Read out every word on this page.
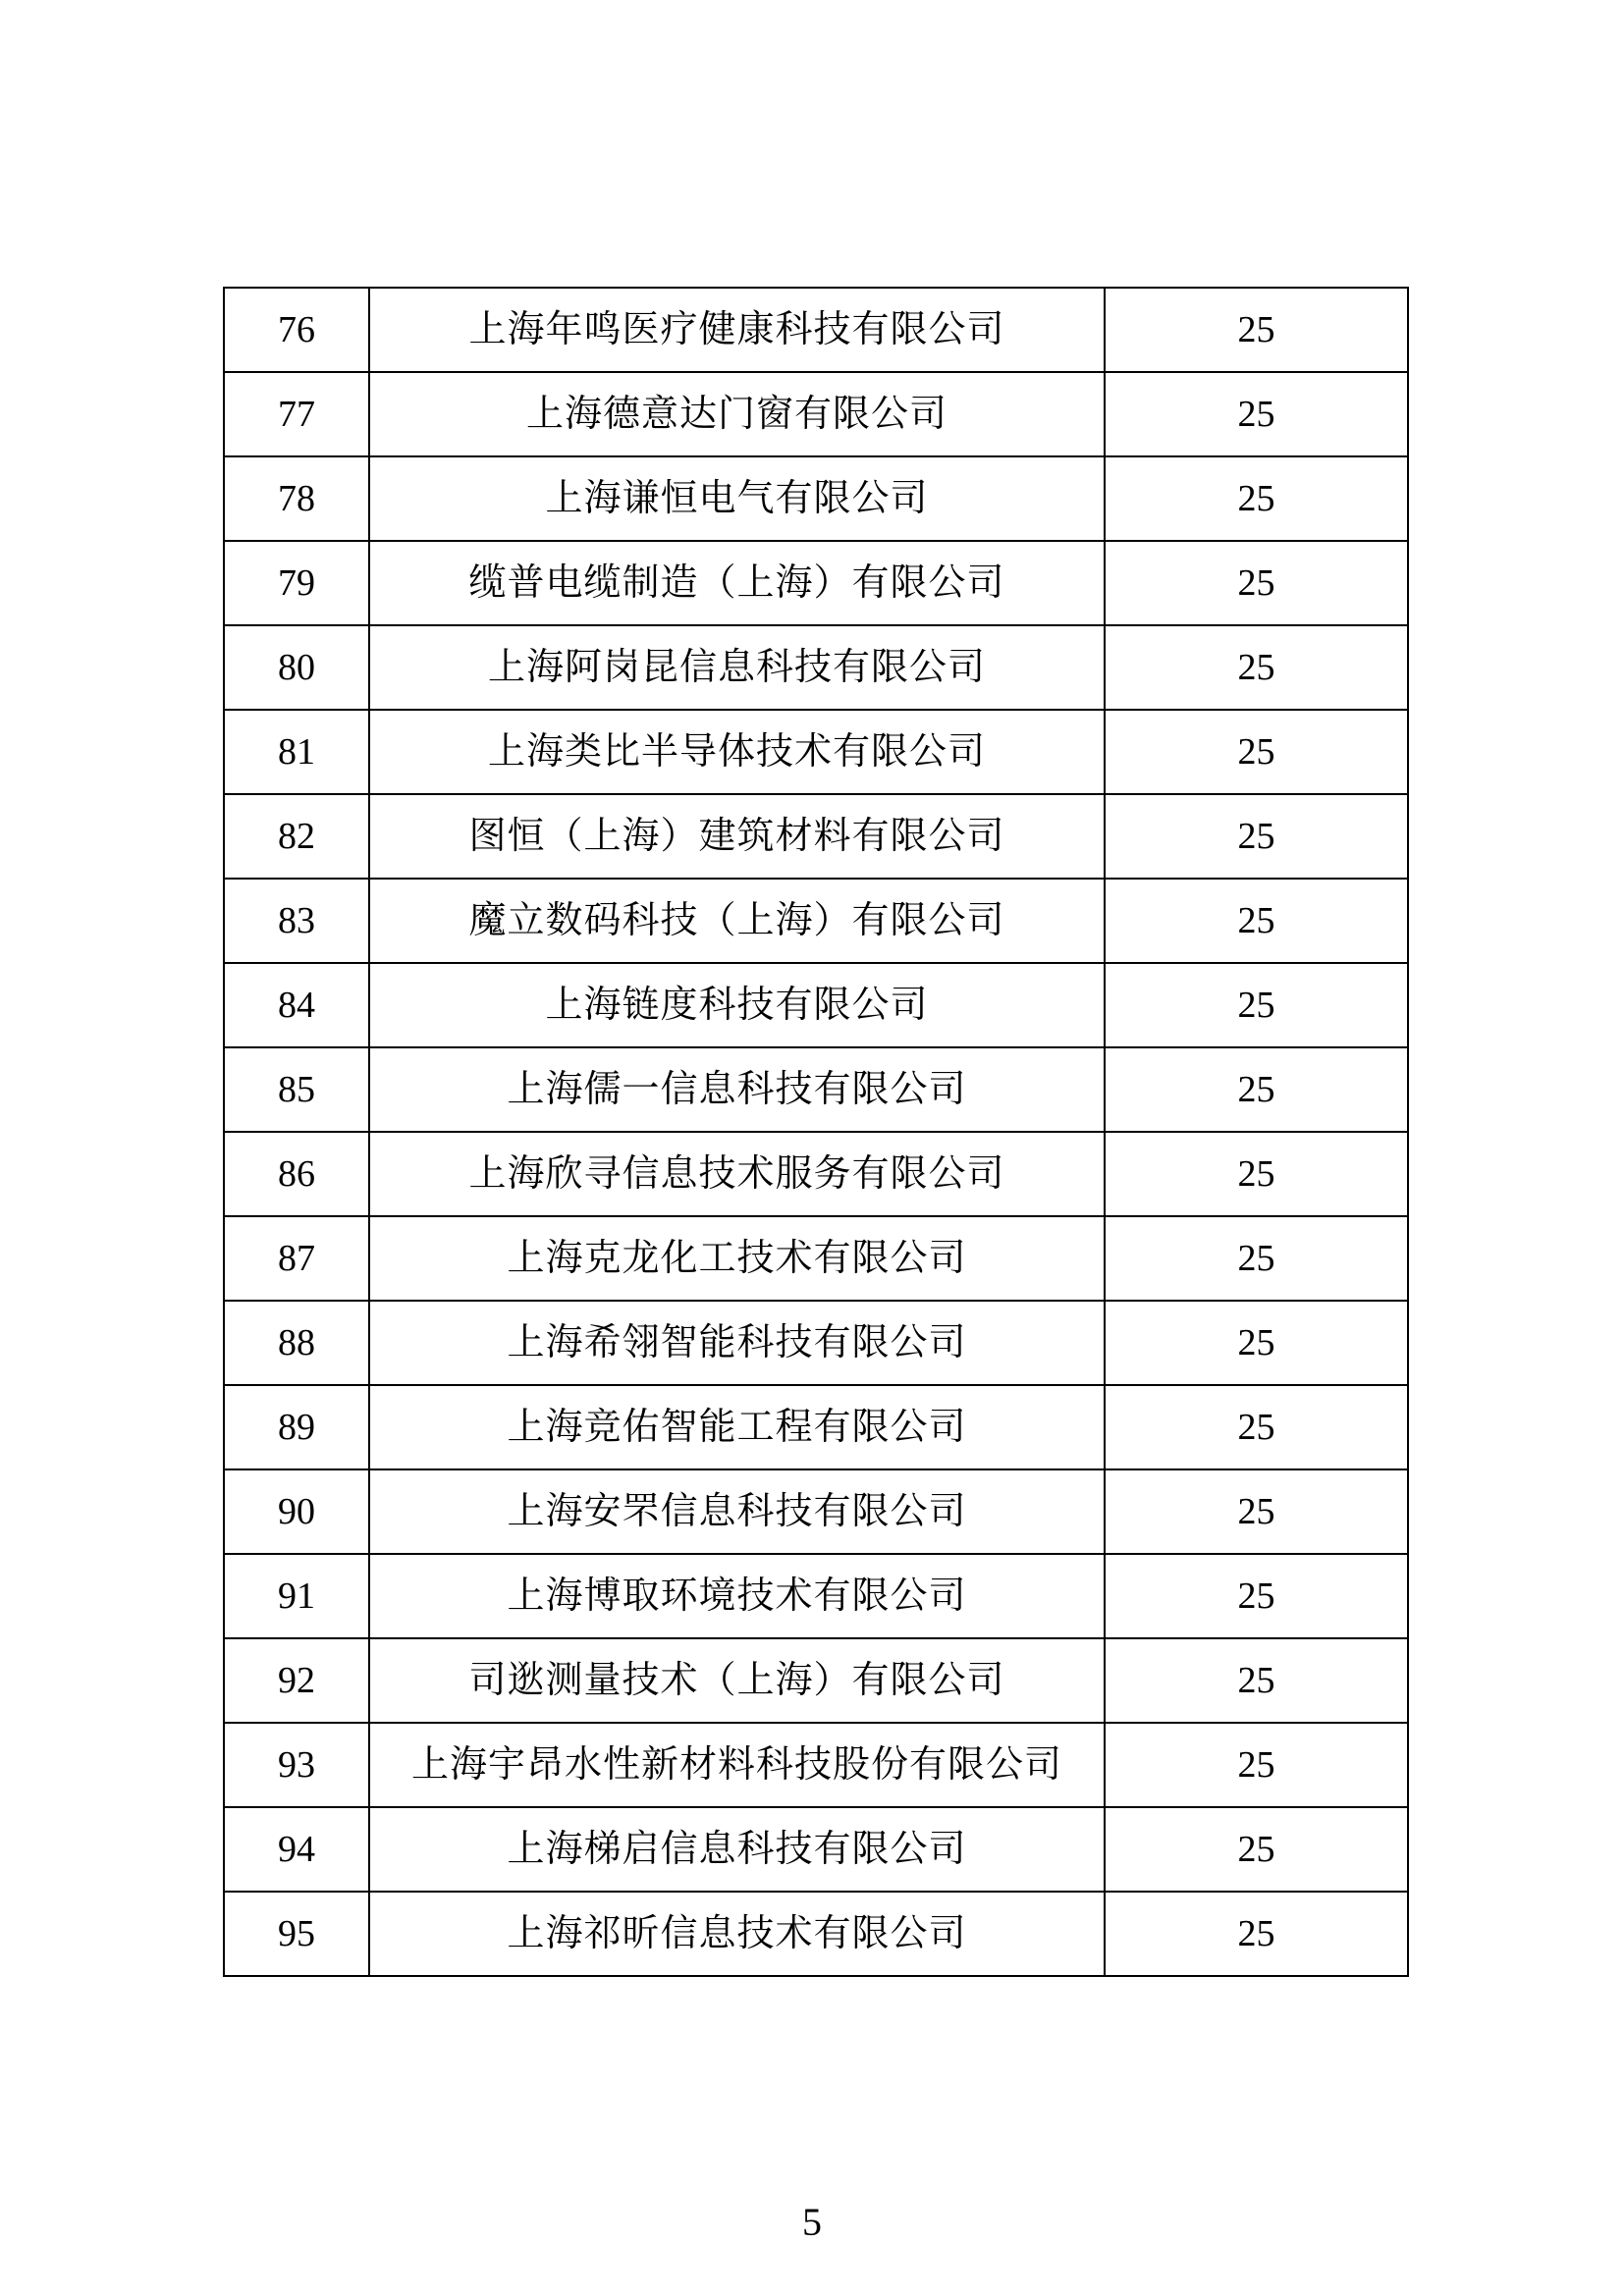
76	上海年鸣医疗健康科技有限公司	25
77	上海德意达门窗有限公司	25
78	上海谦恒电气有限公司	25
79	缆普电缆制造（上海）有限公司	25
80	上海阿岗昆信息科技有限公司	25
81	上海类比半导体技术有限公司	25
82	图恒（上海）建筑材料有限公司	25
83	魔立数码科技（上海）有限公司	25
84	上海链度科技有限公司	25
85	上海儒一信息科技有限公司	25
86	上海欣寻信息技术服务有限公司	25
87	上海克龙化工技术有限公司	25
88	上海希翎智能科技有限公司	25
89	上海竞佑智能工程有限公司	25
90	上海安罘信息科技有限公司	25
91	上海博取环境技术有限公司	25
92	司逖测量技术（上海）有限公司	25
93	上海宇昂水性新材料科技股份有限公司	25
94	上海梯启信息科技有限公司	25
95	上海祁昕信息技术有限公司	25
5
